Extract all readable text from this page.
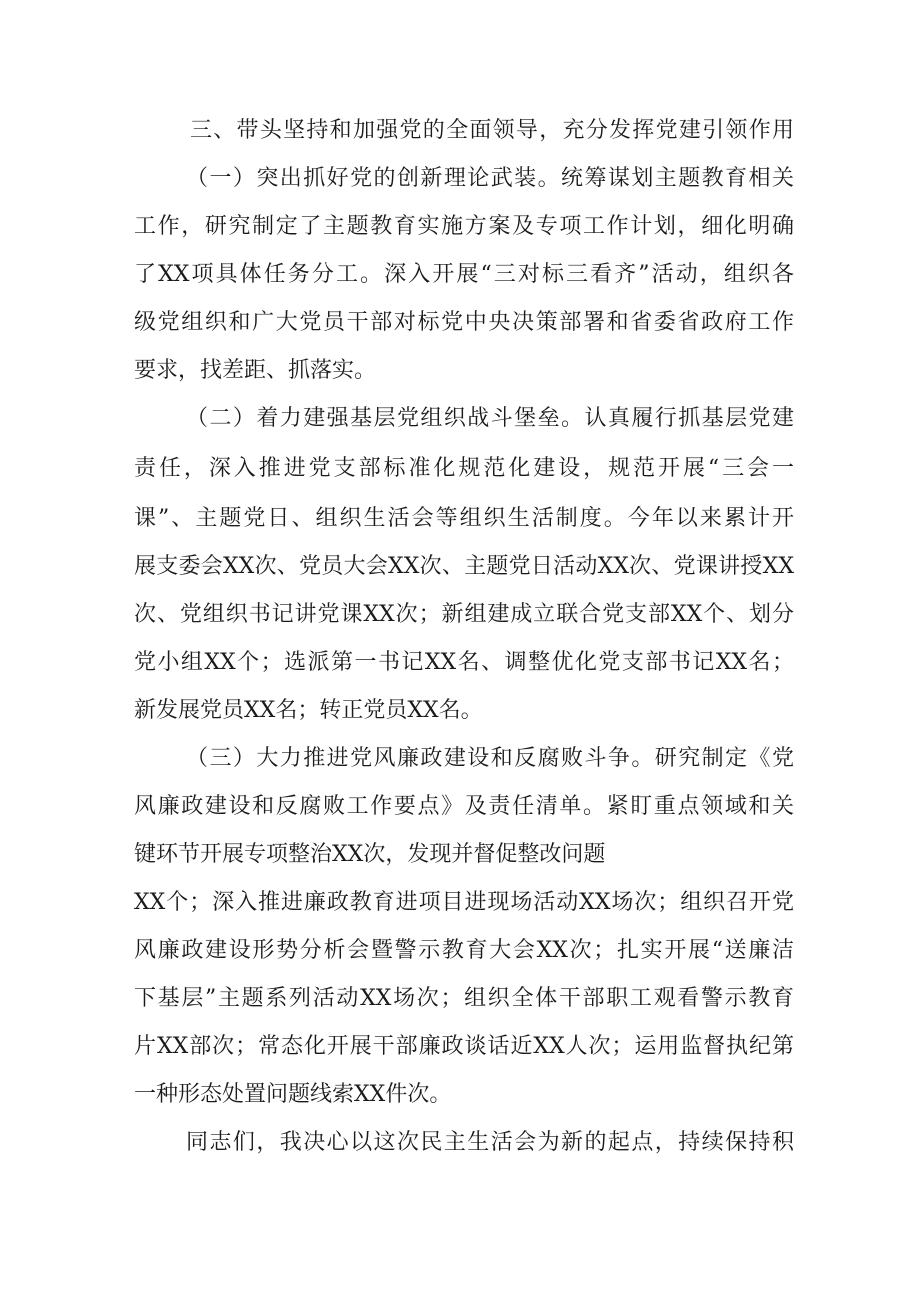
三、带头坚持和加强党的全面领导，充分发挥党建引领作用
（一）突出抓好党的创新理论武装。统筹谋划主题教育相关
工作，研究制定了主题教育实施方案及专项工作计划，细化明确
了XX项具体任务分工。深入开展“三对标三看齐”活动，组织各
级党组织和广大党员干部对标党中央决策部署和省委省政府工作
要求，找差距、抓落实。
（二）着力建强基层党组织战斗堡垒。认真履行抓基层党建
责任，深入推进党支部标准化规范化建设，规范开展“三会一
课”、主题党日、组织生活会等组织生活制度。今年以来累计开
展支委会XX次、党员大会XX次、主题党日活动XX次、党课讲授XX
次、党组织书记讲党课XX次；新组建成立联合党支部XX个、划分
党小组XX个；选派第一书记XX名、调整优化党支部书记XX名；
新发展党员XX名；转正党员XX名。
（三）大力推进党风廉政建设和反腐败斗争。研究制定《党
风廉政建设和反腐败工作要点》及责任清单。紧盯重点领域和关
键环节开展专项整治XX次，发现并督促整改问题
XX个；深入推进廉政教育进项目进现场活动XX场次；组织召开党
风廉政建设形势分析会暨警示教育大会XX次；扎实开展“送廉洁
下基层”主题系列活动XX场次；组织全体干部职工观看警示教育
片XX部次；常态化开展干部廉政谈话近XX人次；运用监督执纪第
一种形态处置问题线索XX件次。
同志们，我决心以这次民主生活会为新的起点，持续保持积
